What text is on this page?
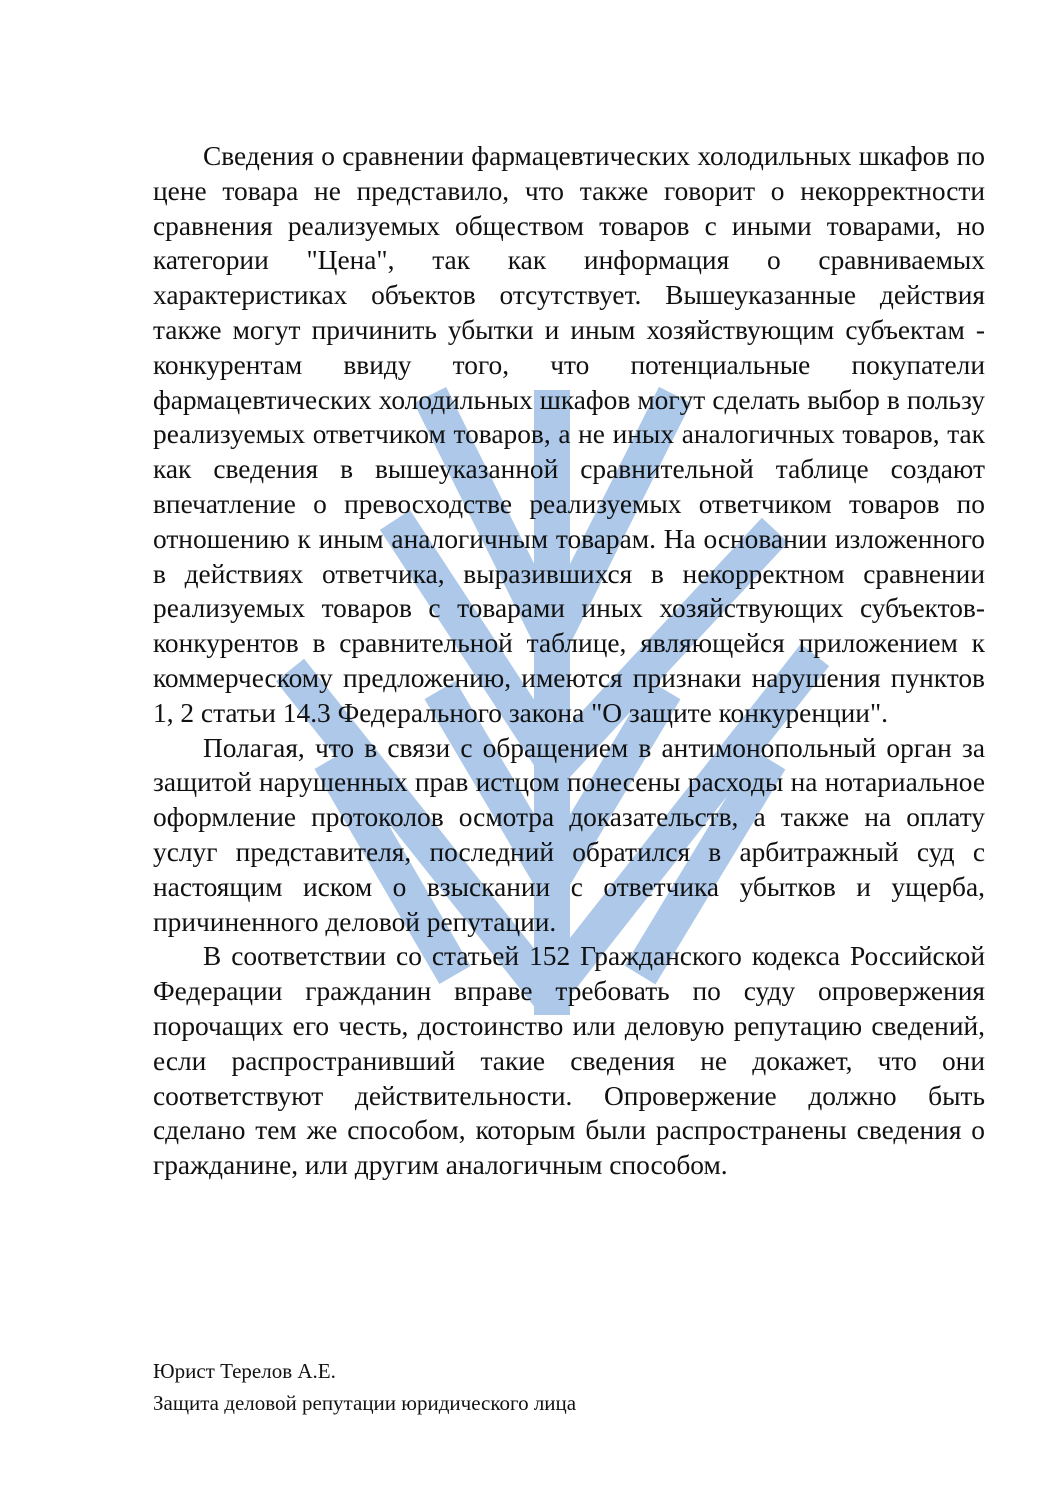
Сведения о сравнении фармацевтических холодильных шкафов по цене товара не представило, что также говорит о некорректности сравнения реализуемых обществом товаров с иными товарами, но категории "Цена", так как информация о сравниваемых характеристиках объектов отсутствует. Вышеуказанные действия также могут причинить убытки и иным хозяйствующим субъектам - конкурентам ввиду того, что потенциальные покупатели фармацевтических холодильных шкафов могут сделать выбор в пользу реализуемых ответчиком товаров, а не иных аналогичных товаров, так как сведения в вышеуказанной сравнительной таблице создают впечатление о превосходстве реализуемых ответчиком товаров по отношению к иным аналогичным товарам. На основании изложенного в действиях ответчика, выразившихся в некорректном сравнении реализуемых товаров с товарами иных хозяйствующих субъектов-конкурентов в сравнительной таблице, являющейся приложением к коммерческому предложению, имеются признаки нарушения пунктов 1, 2 статьи 14.3 Федерального закона "О защите конкуренции".

Полагая, что в связи с обращением в антимонопольный орган за защитой нарушенных прав истцом понесены расходы на нотариальное оформление протоколов осмотра доказательств, а также на оплату услуг представителя, последний обратился в арбитражный суд с настоящим иском о взыскании с ответчика убытков и ущерба, причиненного деловой репутации.

В соответствии со статьей 152 Гражданского кодекса Российской Федерации гражданин вправе требовать по суду опровержения порочащих его честь, достоинство или деловую репутацию сведений, если распространивший такие сведения не докажет, что они соответствуют действительности. Опровержение должно быть сделано тем же способом, которым были распространены сведения о гражданине, или другим аналогичным способом.

Юрист Терелов А.Е.
Защита деловой репутации юридического лица
